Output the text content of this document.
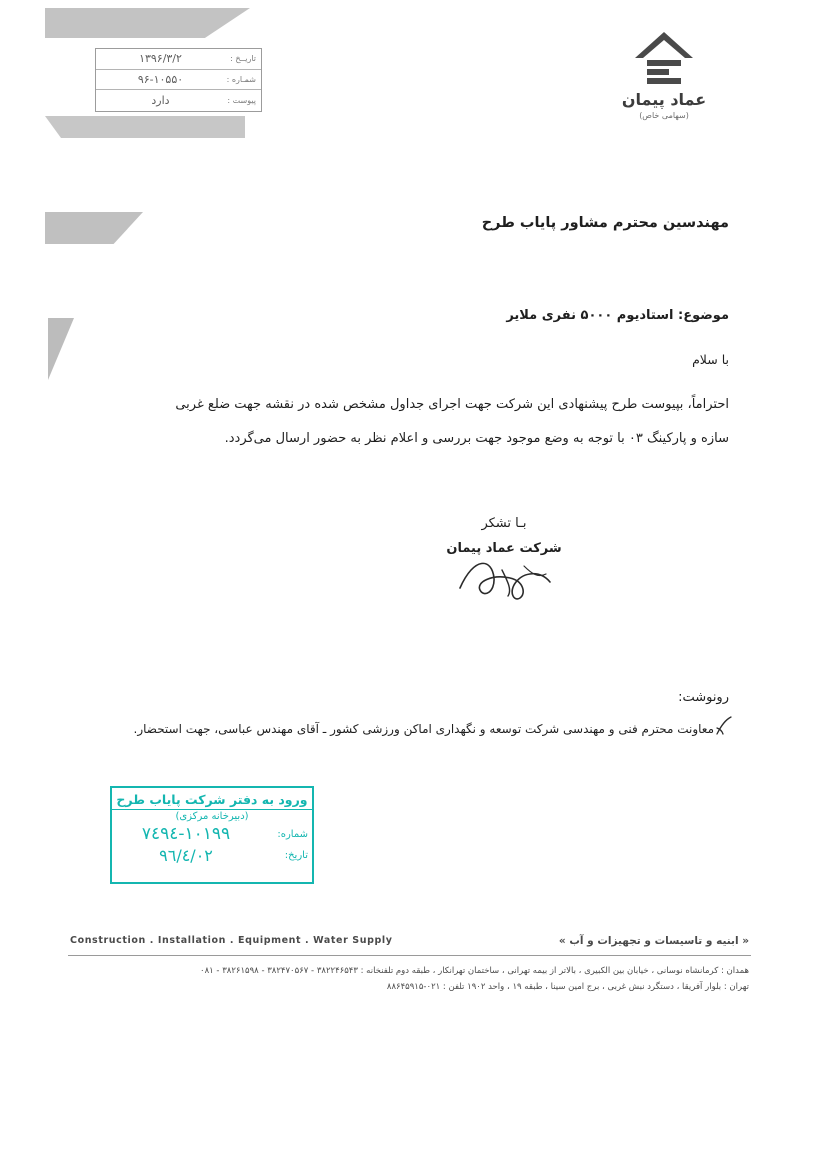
تاریــخ :
۱۳۹۶/۳/۲
شمـاره :
۹۶-۱۰۵۵۰
پیوست :
دارد	عماد پیمان
(سهامی خاص)
مهندسین محترم مشاور پایاب طرح
موضوع: استادیوم ۵۰۰۰ نفری ملایر
با سلام

احتراماً، بپیوست طرح پیشنهادی این شرکت جهت اجرای جداول مشخص شده در نقشه جهت ضلع غربی

سازه و پارکینگ ۰۳ با توجه به وضع موجود جهت بررسی و اعلام نظر به حضور ارسال می‌گردد.

بـا تشکر
شرکت عماد پیمان
رونوشت:
معاونت محترم فنی و مهندسی شرکت توسعه و نگهداری اماکن ورزشی کشور ـ آقای مهندس عباسی، جهت استحضار.
ورود به دفتر شرکت پایاب طرح
(دبیرخانه مرکزی)
شماره:
١٠١٩٩-٧٤٩٤
تاریخ:
٩٦/٤/٠٢
Construction . Installation . Equipment . Water Supply	« ابنیه و تاسیسات و تجهیزات و آب »
همدان : کرمانشاه نوسانی ، خیابان بین الکبیری ، بالاتر از بیمه تهرانی ، ساختمان تهرانکار ، طبقه دوم تلفنخانه : ۳۸۲۲۴۶۵۴۳ - ۳۸۲۴۷۰۵۶۷ - ۳۸۲۶۱۵۹۸ - ۰۸۱
تهران : بلوار آفریقا ، دستگرد نبش غربی ، برج امین سینا ، طبقه ۱۹ ، واحد ۱۹۰۲ تلفن : ۰۲۱-۸۸۶۴۵۹۱۵
